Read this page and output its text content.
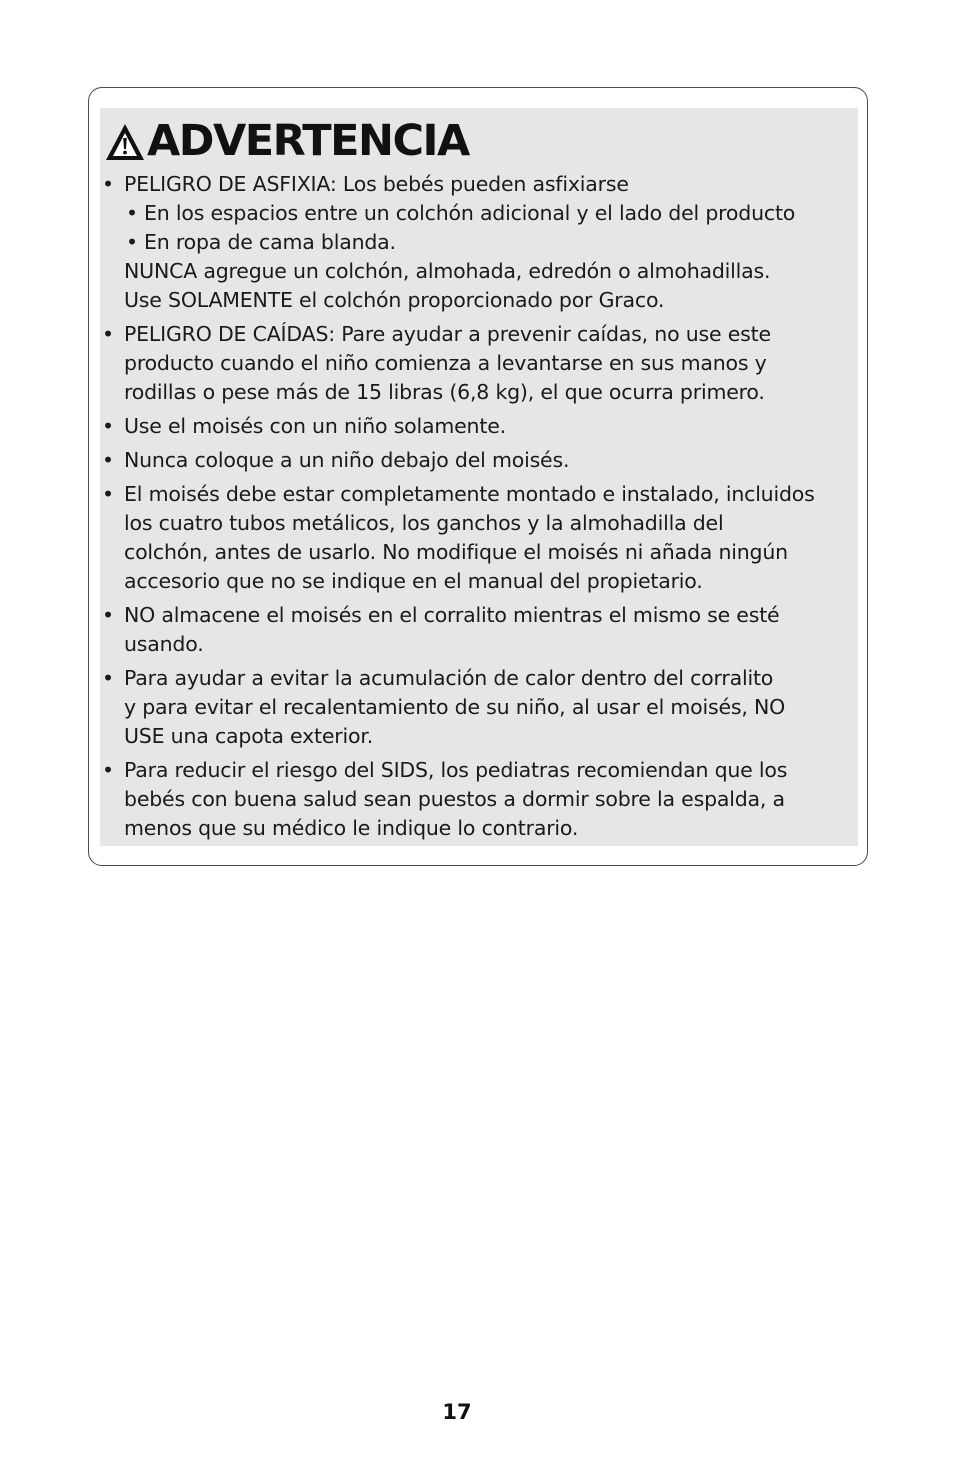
ADVERTENCIA
• PELIGRO DE ASFIXIA: Los bebés pueden asfixiarse
• En los espacios entre un colchón adicional y el lado del producto
• En ropa de cama blanda.
NUNCA agregue un colchón, almohada, edredón o almohadillas.
Use SOLAMENTE el colchón proporcionado por Graco.
• PELIGRO DE CAÍDAS: Pare ayudar a prevenir caídas, no use este
producto cuando el niño comienza a levantarse en sus manos y
rodillas o pese más de 15 libras (6,8 kg), el que ocurra primero.
• Use el moisés con un niño solamente.
• Nunca coloque a un niño debajo del moisés.
• El moisés debe estar completamente montado e instalado, incluidos
los cuatro tubos metálicos, los ganchos y la almohadilla del
colchón, antes de usarlo. No modifique el moisés ni añada ningún
accesorio que no se indique en el manual del propietario.
• NO almacene el moisés en el corralito mientras el mismo se esté
usando.
• Para ayudar a evitar la acumulación de calor dentro del corralito
y para evitar el recalentamiento de su niño, al usar el moisés, NO
USE una capota exterior.
• Para reducir el riesgo del SIDS, los pediatras recomiendan que los
bebés con buena salud sean puestos a dormir sobre la espalda, a
menos que su médico le indique lo contrario.
17
